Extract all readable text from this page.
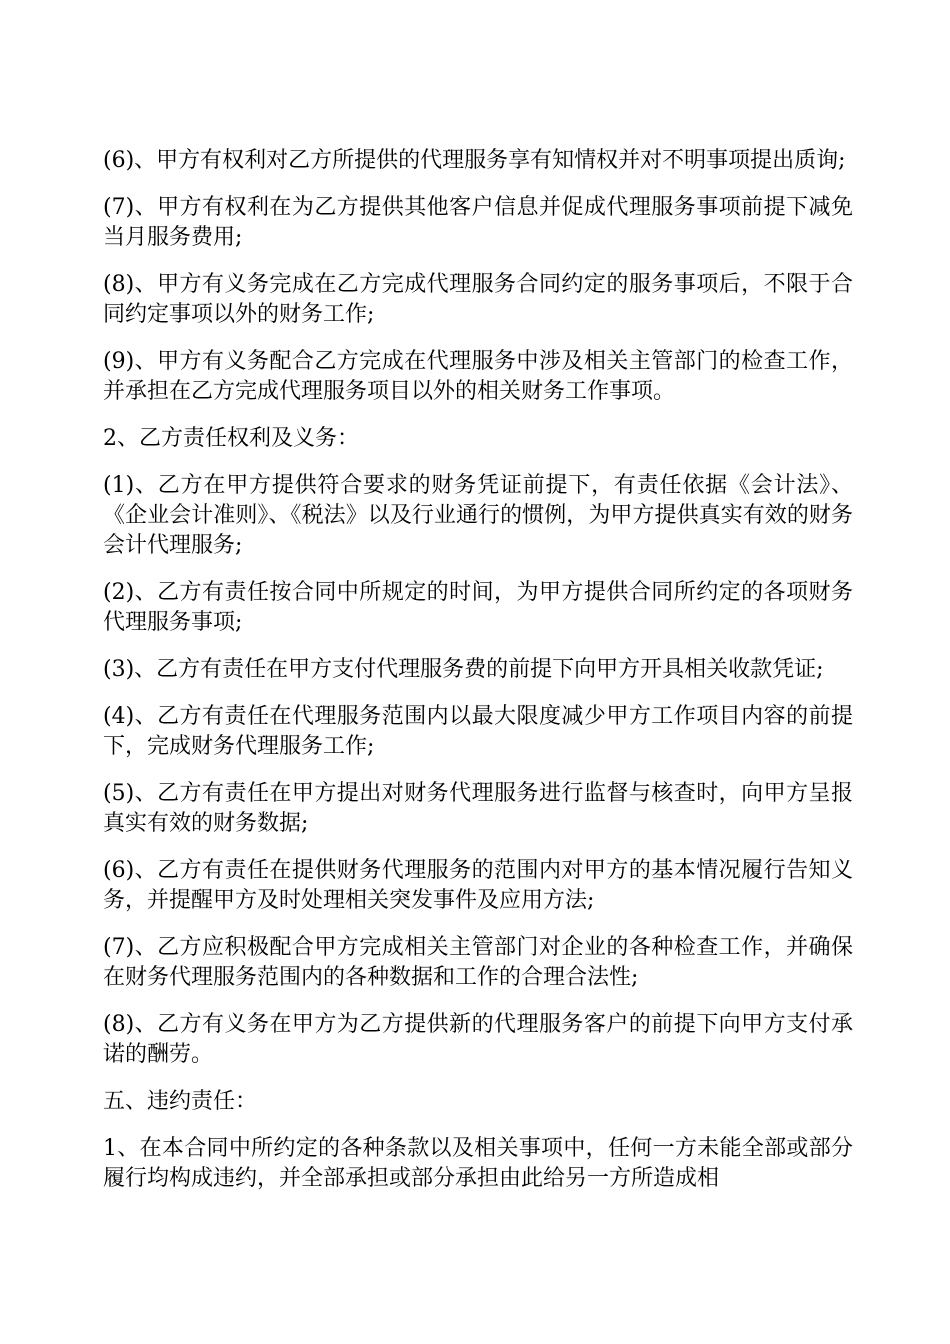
(6)、甲方有权利对乙方所提供的代理服务享有知情权并对不明事项提出质询;

(7)、甲方有权利在为乙方提供其他客户信息并促成代理服务事项前提下减免当月服务费用;

(8)、甲方有义务完成在乙方完成代理服务合同约定的服务事项后，不限于合同约定事项以外的财务工作;

(9)、甲方有义务配合乙方完成在代理服务中涉及相关主管部门的检查工作，并承担在乙方完成代理服务项目以外的相关财务工作事项。

2、乙方责任权利及义务：

(1)、乙方在甲方提供符合要求的财务凭证前提下，有责任依据《会计法》、《企业会计准则》、《税法》以及行业通行的惯例，为甲方提供真实有效的财务会计代理服务;

(2)、乙方有责任按合同中所规定的时间，为甲方提供合同所约定的各项财务代理服务事项;

(3)、乙方有责任在甲方支付代理服务费的前提下向甲方开具相关收款凭证;

(4)、乙方有责任在代理服务范围内以最大限度减少甲方工作项目内容的前提下，完成财务代理服务工作;

(5)、乙方有责任在甲方提出对财务代理服务进行监督与核查时，向甲方呈报真实有效的财务数据;

(6)、乙方有责任在提供财务代理服务的范围内对甲方的基本情况履行告知义务，并提醒甲方及时处理相关突发事件及应用方法;

(7)、乙方应积极配合甲方完成相关主管部门对企业的各种检查工作，并确保在财务代理服务范围内的各种数据和工作的合理合法性;

(8)、乙方有义务在甲方为乙方提供新的代理服务客户的前提下向甲方支付承诺的酬劳。

五、违约责任：

1、在本合同中所约定的各种条款以及相关事项中，任何一方未能全部或部分履行均构成违约，并全部承担或部分承担由此给另一方所造成相
